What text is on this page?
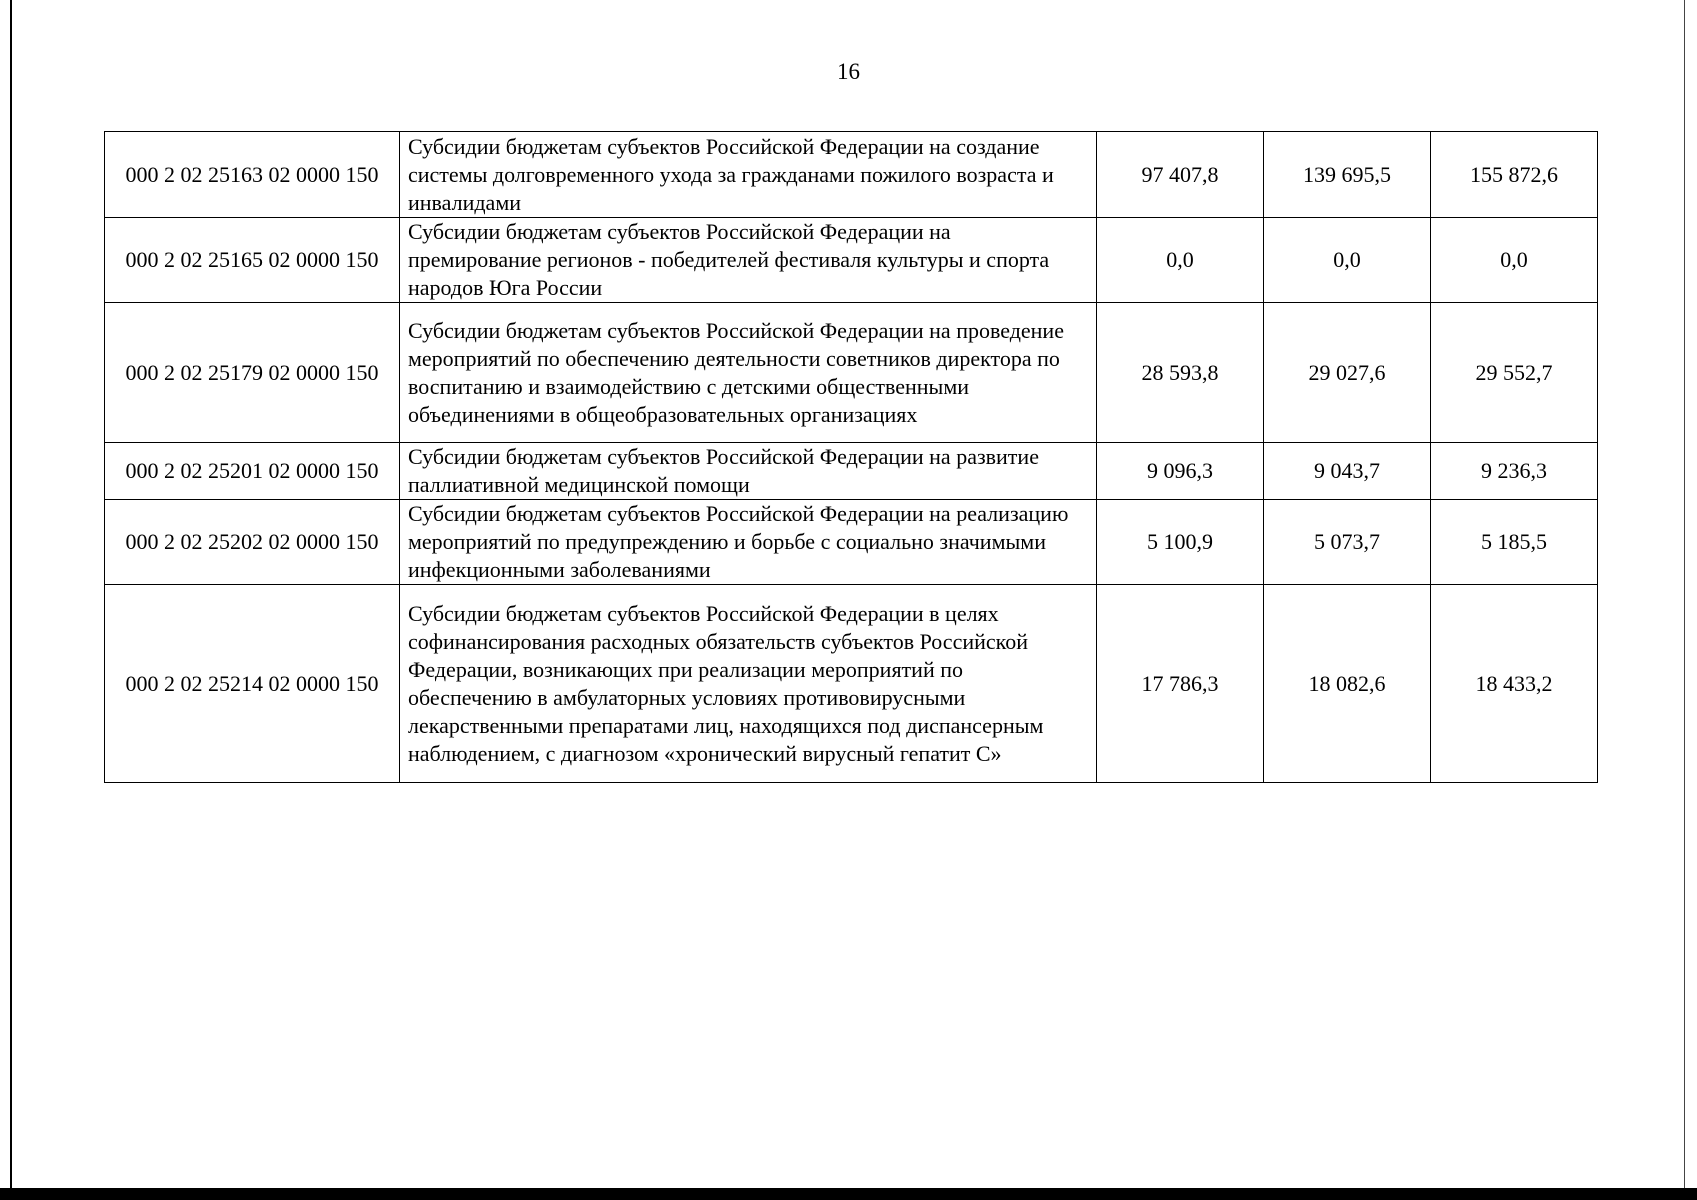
16
000 2 02 25163 02 0000 150	Субсидии бюджетам субъектов Российской Федерации на создание системы долговременного ухода за гражданами пожилого возраста и инвалидами	97 407,8	139 695,5	155 872,6
000 2 02 25165 02 0000 150	Субсидии бюджетам субъектов Российской Федерации на премирование регионов - победителей фестиваля культуры и спорта народов Юга России	0,0	0,0	0,0
000 2 02 25179 02 0000 150	Субсидии бюджетам субъектов Российской Федерации на проведение мероприятий по обеспечению деятельности советников директора по воспитанию и взаимодействию с детскими общественными объединениями в общеобразовательных организациях	28 593,8	29 027,6	29 552,7
000 2 02 25201 02 0000 150	Субсидии бюджетам субъектов Российской Федерации на развитие паллиативной медицинской помощи	9 096,3	9 043,7	9 236,3
000 2 02 25202 02 0000 150	Субсидии бюджетам субъектов Российской Федерации на реализацию мероприятий по предупреждению и борьбе с социально значимыми инфекционными заболеваниями	5 100,9	5 073,7	5 185,5
000 2 02 25214 02 0000 150	Субсидии бюджетам субъектов Российской Федерации в целях софинансирования расходных обязательств субъектов Российской Федерации, возникающих при реализации мероприятий по обеспечению в амбулаторных условиях противовирусными лекарственными препаратами лиц, находящихся под диспансерным наблюдением, с диагнозом «хронический вирусный гепатит С»	17 786,3	18 082,6	18 433,2
